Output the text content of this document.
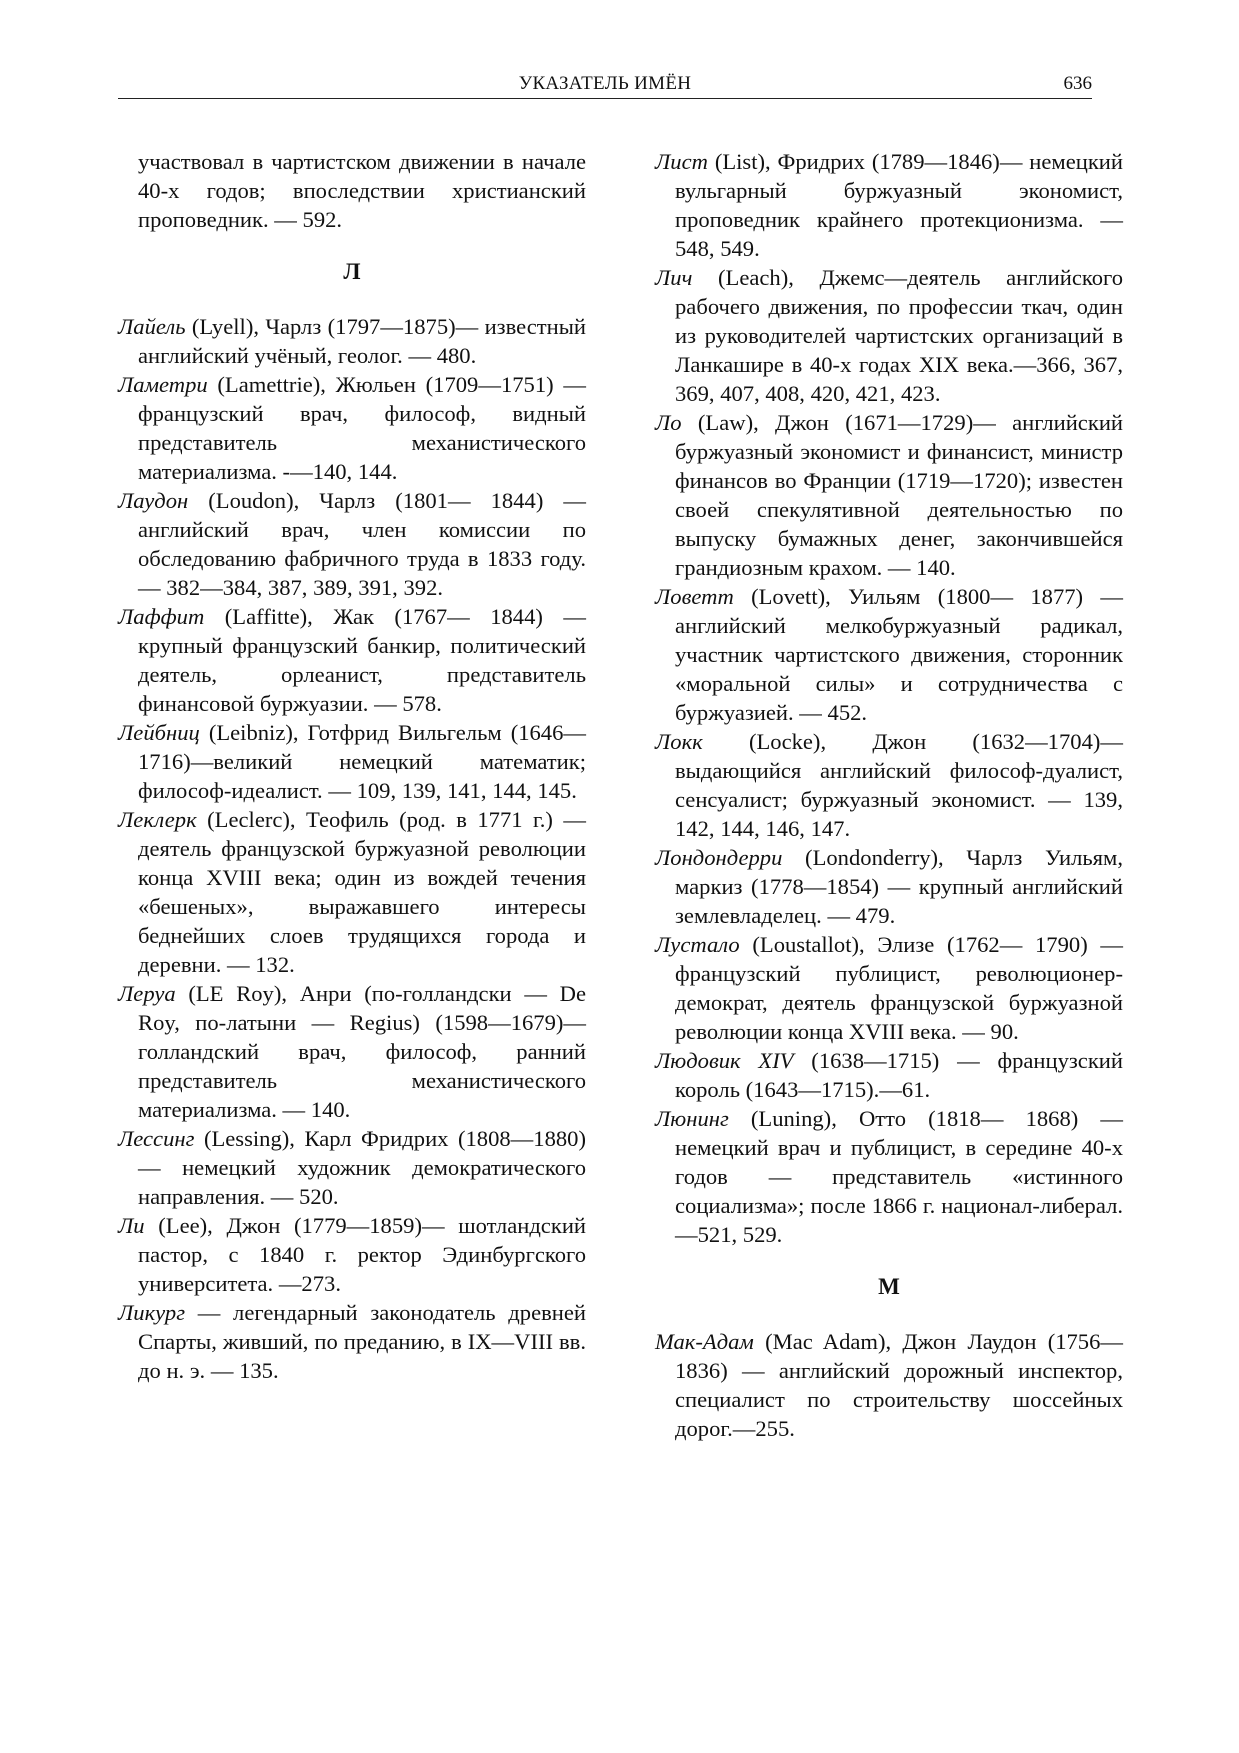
УКАЗАТЕЛЬ ИМЁН	636

участвовал в чартистском движении в начале 40-х годов; впоследствии христианский проповедник. — 592.

Л

Лайель (Lyell), Чарлз (1797—1875)— известный английский учёный, геолог. — 480.

Ламетри (Lamettrie), Жюльен (1709—1751) —французский врач, философ, видный представитель механистического материализма. -—140, 144.

Лаудон (Loudon), Чарлз (1801— 1844) — английский врач, член комиссии по обследованию фабричного труда в 1833 году. — 382—384, 387, 389, 391, 392.

Лаффит (Laffitte), Жак (1767— 1844) — крупный французский банкир, политический деятель, орлеанист, представитель финансовой буржуазии. — 578.

Лейбниц (Leibniz), Готфрид Вильгельм (1646—1716)—великий немецкий математик; философ-идеалист. — 109, 139, 141, 144, 145.

Леклерк (Leclerc), Теофиль (род. в 1771 г.) — деятель французской буржуазной революции конца XVIII века; один из вождей течения «бешеных», выражавшего интересы беднейших слоев трудящихся города и деревни. — 132.

Леруа (LE Roy), Анри (по-голландски — De Roy, по-латыни — Regius) (1598—1679)—голландский врач, философ, ранний представитель механистического материализма. — 140.

Лессинг (Lessing), Карл Фридрих (1808—1880) — немецкий художник демократического направления. — 520.

Ли (Lee), Джон (1779—1859)— шотландский пастор, с 1840 г. ректор Эдинбургского университета. —273.

Ликург — легендарный законодатель древней Спарты, живший, по преданию, в IX—VIII вв. до н. э. — 135.

Лист (List), Фридрих (1789—1846)— немецкий вульгарный буржуазный экономист, проповедник крайнего протекционизма. — 548, 549.

Лич (Leach), Джемс—деятель английского рабочего движения, по профессии ткач, один из руководителей чартистских организаций в Ланкашире в 40-х годах XIX века.—366, 367, 369, 407, 408, 420, 421, 423.

Ло (Law), Джон (1671—1729)— английский буржуазный экономист и финансист, министр финансов во Франции (1719—1720); известен своей спекулятивной деятельностью по выпуску бумажных денег, закончившейся грандиозным крахом. — 140.

Ловетт (Lovett), Уильям (1800— 1877) — английский мелкобуржуазный радикал, участник чартистского движения, сторонник «моральной силы» и сотрудничества с буржуазией. — 452.

Локк (Locke), Джон (1632—1704)— выдающийся английский философ-дуалист, сенсуалист; буржуазный экономист. — 139, 142, 144, 146, 147.

Лондондерри (Londonderry), Чарлз Уильям, маркиз (1778—1854) — крупный английский землевладелец. — 479.

Лустало (Loustallot), Элизе (1762— 1790) — французский публицист, революционер-демократ, деятель французской буржуазной революции конца XVIII века. — 90.

Людовик XIV (1638—1715) — французский король (1643—1715).—61.

Люнинг (Luning), Отто (1818— 1868) — немецкий врач и публицист, в середине 40-х годов — представитель «истинного социализма»; после 1866 г. национал-либерал. —521, 529.

М

Мак-Адам (Mac Adam), Джон Лаудон (1756—1836) — английский дорожный инспектор, специалист по строительству шоссейных дорог.—255.
